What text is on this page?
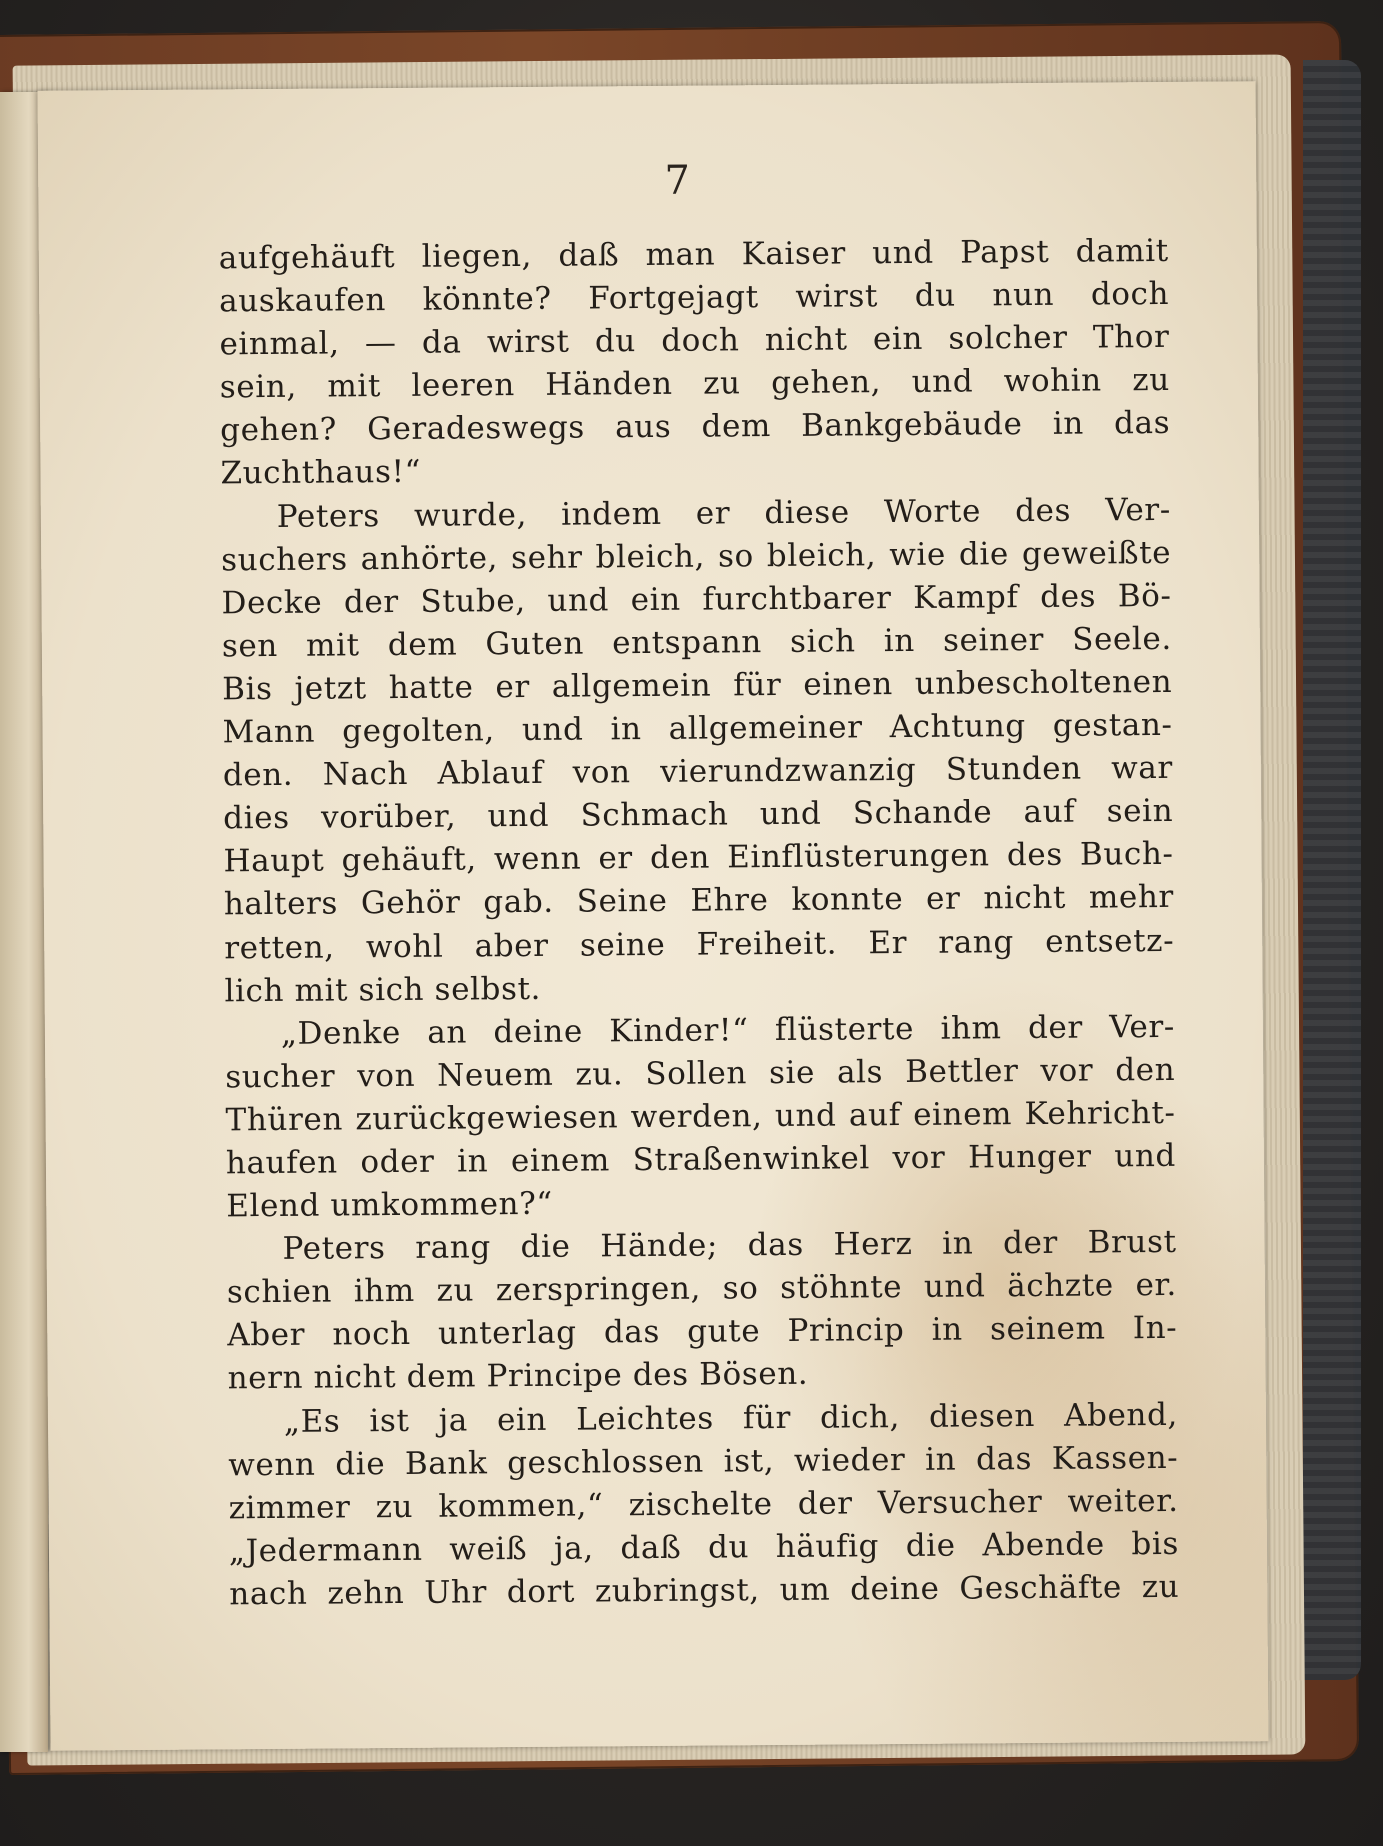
7
aufgehäuft liegen, daß man Kaiser und Papst damit
auskaufen könnte? Fortgejagt wirst du nun doch
einmal, — da wirst du doch nicht ein solcher Thor
sein, mit leeren Händen zu gehen, und wohin zu
gehen? Geradeswegs aus dem Bankgebäude in das
Zuchthaus!“
Peters wurde, indem er diese Worte des Ver-
suchers anhörte, sehr bleich, so bleich, wie die geweißte
Decke der Stube, und ein furchtbarer Kampf des Bö-
sen mit dem Guten entspann sich in seiner Seele.
Bis jetzt hatte er allgemein für einen unbescholtenen
Mann gegolten, und in allgemeiner Achtung gestan-
den. Nach Ablauf von vierundzwanzig Stunden war
dies vorüber, und Schmach und Schande auf sein
Haupt gehäuft, wenn er den Einflüsterungen des Buch-
halters Gehör gab. Seine Ehre konnte er nicht mehr
retten, wohl aber seine Freiheit. Er rang entsetz-
lich mit sich selbst.
„Denke an deine Kinder!“ flüsterte ihm der Ver-
sucher von Neuem zu. Sollen sie als Bettler vor den
Thüren zurückgewiesen werden, und auf einem Kehricht-
haufen oder in einem Straßenwinkel vor Hunger und
Elend umkommen?“
Peters rang die Hände; das Herz in der Brust
schien ihm zu zerspringen, so stöhnte und ächzte er.
Aber noch unterlag das gute Princip in seinem In-
nern nicht dem Principe des Bösen.
„Es ist ja ein Leichtes für dich, diesen Abend,
wenn die Bank geschlossen ist, wieder in das Kassen-
zimmer zu kommen,“ zischelte der Versucher weiter.
„Jedermann weiß ja, daß du häufig die Abende bis
nach zehn Uhr dort zubringst, um deine Geschäfte zu
